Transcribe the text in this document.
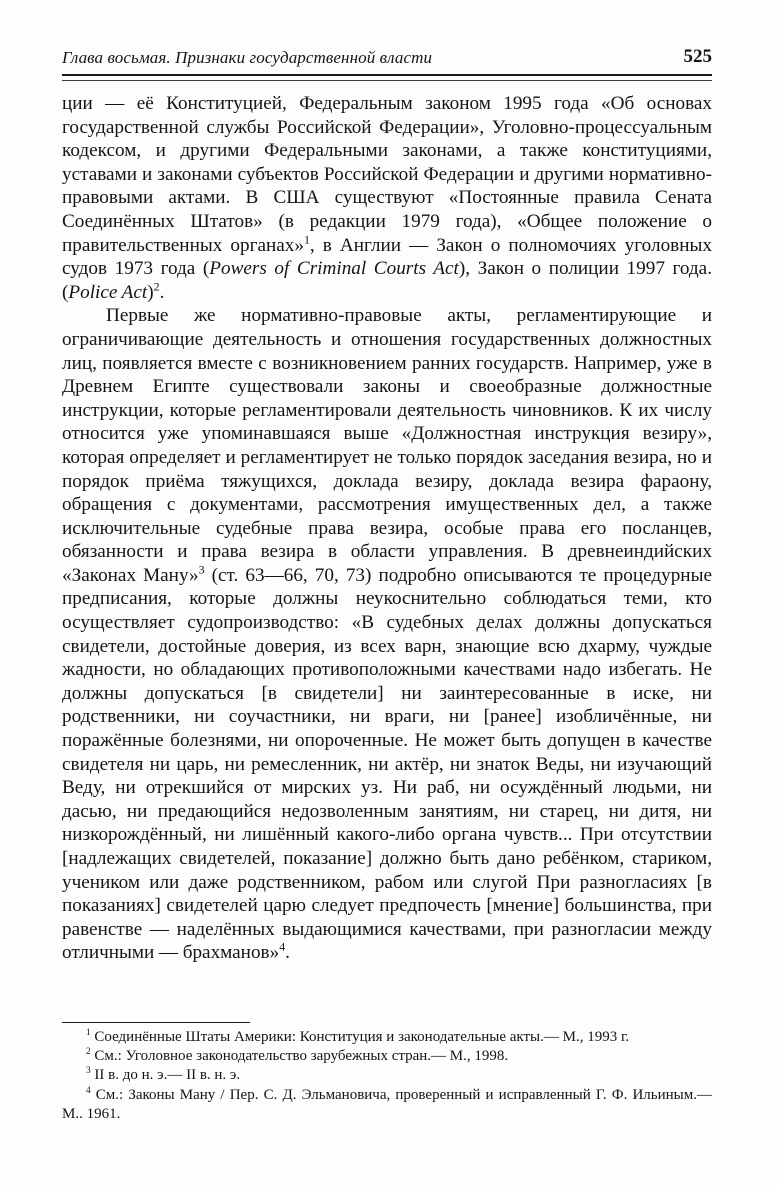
Глава восьмая. Признаки государственной власти	525

ции — её Конституцией, Федеральным законом 1995 года «Об основах государственной службы Российской Федерации», Уголовно-процессуальным кодексом, и другими Федеральными законами, а также конституциями, уставами и законами субъектов Российской Федерации и другими нормативно-правовыми актами. В США существуют «Постоянные правила Сената Соединённых Штатов» (в редакции 1979 года), «Общее положение о правительственных органах»$^1$, в Англии — Закон о полномочиях уголовных судов 1973 года (Powers of Criminal Courts Act), Закон о полиции 1997 года. (Police Act)$^2$.

Первые же нормативно-правовые акты, регламентирующие и ограничивающие деятельность и отношения государственных должностных лиц, появляется вместе с возникновением ранних государств. Например, уже в Древнем Египте существовали законы и своеобразные должностные инструкции, которые регламентировали деятельность чиновников. К их числу относится уже упоминавшаяся выше «Должностная инструкция везиру», которая определяет и регламентирует не только порядок заседания везира, но и порядок приёма тяжущихся, доклада везиру, доклада везира фараону, обращения с документами, рассмотрения имущественных дел, а также исключительные судебные права везира, особые права его посланцев, обязанности и права везира в области управления. В древнеиндийских «Законах Ману»$^3$ (ст. 63—66, 70, 73) подробно описываются те процедурные предписания, которые должны неукоснительно соблюдаться теми, кто осуществляет судопроизводство: «В судебных делах должны допускаться свидетели, достойные доверия, из всех варн, знающие всю дхарму, чуждые жадности, но обладающих противоположными качествами надо избегать. Не должны допускаться [в свидетели] ни заинтересованные в иске, ни родственники, ни соучастники, ни враги, ни [ранее] изобличённые, ни поражённые болезнями, ни опороченные. Не может быть допущен в качестве свидетеля ни царь, ни ремесленник, ни актёр, ни знаток Веды, ни изучающий Веду, ни отрекшийся от мирских уз. Ни раб, ни осуждённый людьми, ни дасью, ни предающийся недозволенным занятиям, ни старец, ни дитя, ни низкорождённый, ни лишённый какого-либо органа чувств... При отсутствии [надлежащих свидетелей, показание] должно быть дано ребёнком, стариком, учеником или даже родственником, рабом или слугой При разногласиях [в показаниях] свидетелей царю следует предпочесть [мнение] большинства, при равенстве — наделённых выдающимися качествами, при разногласии между отличными — брахманов»$^4$.

$^1$ Соединённые Штаты Америки: Конституция и законодательные акты.— М., 1993 г.

$^2$ См.: Уголовное законодательство зарубежных стран.— М., 1998.

$^3$ II в. до н. э.— II в. н. э.

$^4$ См.: Законы Ману / Пер. С. Д. Эльмановича, проверенный и исправленный Г. Ф. Ильиным.— М.. 1961.
